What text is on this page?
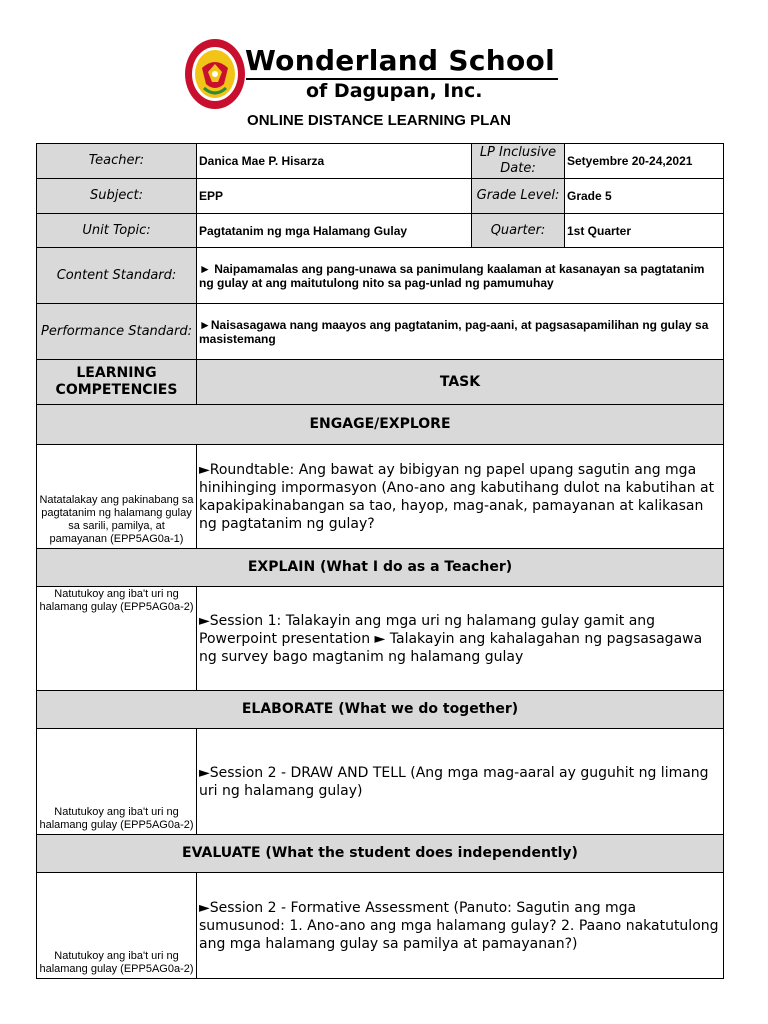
Wonderland School
of Dagupan, Inc.
ONLINE DISTANCE LEARNING PLAN
Teacher:	Danica Mae P. Hisarza	LP Inclusive Date:	Setyembre 20-24,2021
Subject:	EPP	Grade Level:	Grade 5
Unit Topic:	Pagtatanim ng mga Halamang Gulay	Quarter:	1st Quarter
Content Standard:	► Naipamamalas ang pang-unawa sa panimulang kaalaman at kasanayan sa pagtatanim ng gulay at ang maitutulong nito sa pag-unlad ng pamumuhay		
Performance Standard:	►Naisasagawa nang maayos ang pagtatanim, pag-aani, at pagsasapamilihan ng gulay sa masistemang		
LEARNING COMPETENCIES	TASK		
ENGAGE/EXPLORE			
Natatalakay ang pakinabang sa pagtatanim ng halamang gulay sa sarili, pamilya, at pamayanan (EPP5AG0a-1)	►Roundtable: Ang bawat ay bibigyan ng papel upang sagutin ang mga hinihinging impormasyon (Ano-ano ang kabutihang dulot na kabutihan at kapakipakinabangan sa tao, hayop, mag-anak, pamayanan at kalikasan ng pagtatanim ng gulay?		
EXPLAIN (What I do as a Teacher)			
Natutukoy ang iba't uri ng halamang gulay (EPP5AG0a-2)	►Session 1: Talakayin ang mga uri ng halamang gulay gamit ang Powerpoint presentation ► Talakayin ang kahalagahan ng pagsasagawa ng survey bago magtanim ng halamang gulay		
ELABORATE (What we do together)			
Natutukoy ang iba't uri ng halamang gulay (EPP5AG0a-2)	►Session 2 - DRAW AND TELL (Ang mga mag-aaral ay guguhit ng limang uri ng halamang gulay)		
EVALUATE (What the student does independently)			
Natutukoy ang iba't uri ng halamang gulay (EPP5AG0a-2)	►Session 2 - Formative Assessment (Panuto: Sagutin ang mga sumusunod: 1. Ano-ano ang mga halamang gulay? 2. Paano nakatutulong ang mga halamang gulay sa pamilya at pamayanan?)		
